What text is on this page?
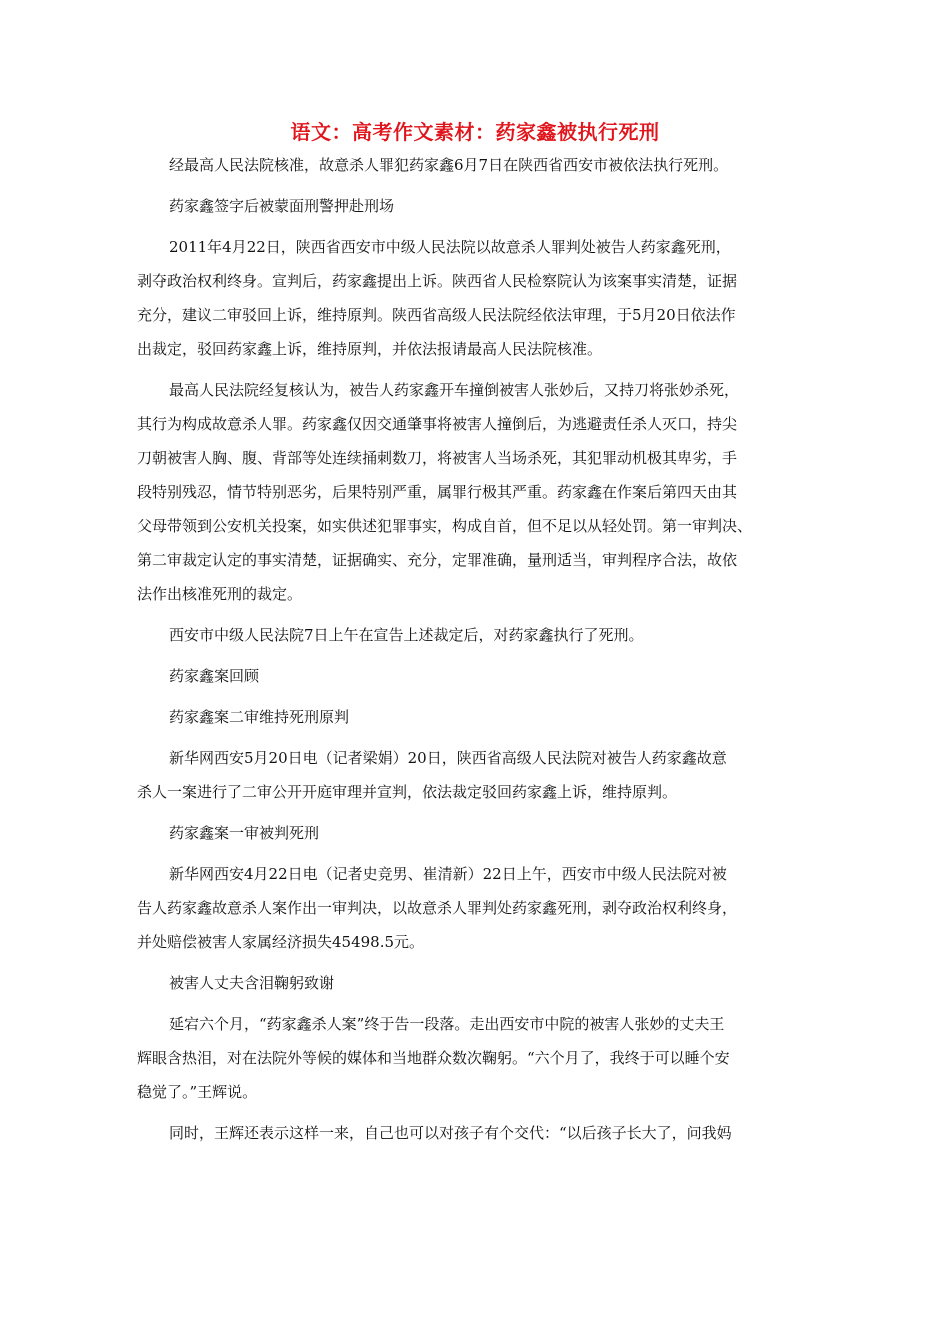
语文：高考作文素材：药家鑫被执行死刑
经最高人民法院核准，故意杀人罪犯药家鑫6月7日在陕西省西安市被依法执行死刑。
药家鑫签字后被蒙面刑警押赴刑场
2011年4月22日，陕西省西安市中级人民法院以故意杀人罪判处被告人药家鑫死刑，
剥夺政治权利终身。宣判后，药家鑫提出上诉。陕西省人民检察院认为该案事实清楚，证据
充分，建议二审驳回上诉，维持原判。陕西省高级人民法院经依法审理，于5月20日依法作
出裁定，驳回药家鑫上诉，维持原判，并依法报请最高人民法院核准。
最高人民法院经复核认为，被告人药家鑫开车撞倒被害人张妙后，又持刀将张妙杀死，
其行为构成故意杀人罪。药家鑫仅因交通肇事将被害人撞倒后，为逃避责任杀人灭口，持尖
刀朝被害人胸、腹、背部等处连续捅刺数刀，将被害人当场杀死，其犯罪动机极其卑劣，手
段特别残忍，情节特别恶劣，后果特别严重，属罪行极其严重。药家鑫在作案后第四天由其
父母带领到公安机关投案，如实供述犯罪事实，构成自首，但不足以从轻处罚。第一审判决、
第二审裁定认定的事实清楚，证据确实、充分，定罪准确，量刑适当，审判程序合法，故依
法作出核准死刑的裁定。
西安市中级人民法院7日上午在宣告上述裁定后，对药家鑫执行了死刑。
药家鑫案回顾
药家鑫案二审维持死刑原判
新华网西安5月20日电（记者梁娟）20日，陕西省高级人民法院对被告人药家鑫故意
杀人一案进行了二审公开开庭审理并宣判，依法裁定驳回药家鑫上诉，维持原判。
药家鑫案一审被判死刑
新华网西安4月22日电（记者史竞男、崔清新）22日上午，西安市中级人民法院对被
告人药家鑫故意杀人案作出一审判决，以故意杀人罪判处药家鑫死刑，剥夺政治权利终身，
并处赔偿被害人家属经济损失45498.5元。
被害人丈夫含泪鞠躬致谢
延宕六个月，“药家鑫杀人案”终于告一段落。走出西安市中院的被害人张妙的丈夫王
辉眼含热泪，对在法院外等候的媒体和当地群众数次鞠躬。“六个月了，我终于可以睡个安
稳觉了。”王辉说。
同时，王辉还表示这样一来，自己也可以对孩子有个交代：“以后孩子长大了，问我妈
